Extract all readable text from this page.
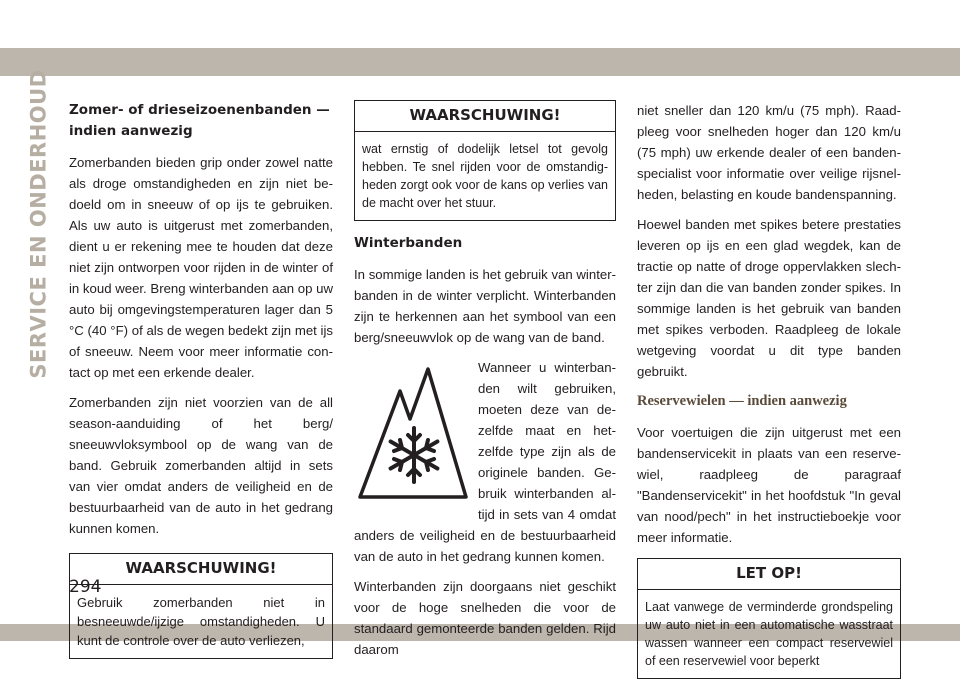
SERVICE EN ONDERHOUD Zomer- of drieseizoenenbanden — indien aanwezig

Zomerbanden bieden grip onder zowel natte als droge omstandigheden en zijn niet bedoeld om in sneeuw of op ijs te gebruiken. Als uw auto is uitgerust met zomerbanden, dient u er rekening mee te houden dat deze niet zijn ontworpen voor rijden in de winter of in koud weer. Breng winterbanden aan op uw auto bij omgevingstemperaturen lager dan 5 °C (40 °F) of als de wegen bedekt zijn met ijs of sneeuw. Neem voor meer informatie contact op met een erkende dealer.

Zomerbanden zijn niet voorzien van de all season-aanduiding of het berg/ sneeuwvloksymbool op de wang van de band. Gebruik zomerbanden altijd in sets van vier omdat anders de veiligheid en de bestuurbaarheid van de auto in het gedrang kunnen komen.

WAARSCHUWING!
Gebruik zomerbanden niet in besneeuwde/ijzige omstandigheden. U kunt de controle over de auto verliezen,
WAARSCHUWING!
wat ernstig of dodelijk letsel tot gevolg hebben. Te snel rijden voor de omstandigheden zorgt ook voor de kans op verlies van de macht over het stuur.
Winterbanden

In sommige landen is het gebruik van winterbanden in de winter verplicht. Winterbanden zijn te herkennen aan het symbool van een berg/sneeuwvlok op de wang van de band.

Wanneer u winterbanden wilt gebruiken, moeten deze van dezelfde maat en hetzelfde type zijn als de originele banden. Gebruik winterbanden altijd in sets van 4 omdat anders de veiligheid en de bestuurbaarheid van de auto in het gedrang kunnen komen.

Winterbanden zijn doorgaans niet geschikt voor de hoge snelheden die voor de standaard gemonteerde banden gelden. Rijd daarom

niet sneller dan 120 km/u (75 mph). Raadpleeg voor snelheden hoger dan 120 km/u (75 mph) uw erkende dealer of een bandenspecialist voor informatie over veilige rijsnelheden, belasting en koude bandenspanning.

Hoewel banden met spikes betere prestaties leveren op ijs en een glad wegdek, kan de tractie op natte of droge oppervlakken slechter zijn dan die van banden zonder spikes. In sommige landen is het gebruik van banden met spikes verboden. Raadpleeg de lokale wetgeving voordat u dit type banden gebruikt.

Reservewielen — indien aanwezig

Voor voertuigen die zijn uitgerust met een bandenservicekit in plaats van een reservewiel, raadpleeg de paragraaf "Bandenservicekit" in het hoofdstuk "In geval van nood/pech" in het instructieboekje voor meer informatie.

LET OP!
Laat vanwege de verminderde grondspeling uw auto niet in een automatische wasstraat wassen wanneer een compact reservewiel of een reservewiel voor beperkt
294
